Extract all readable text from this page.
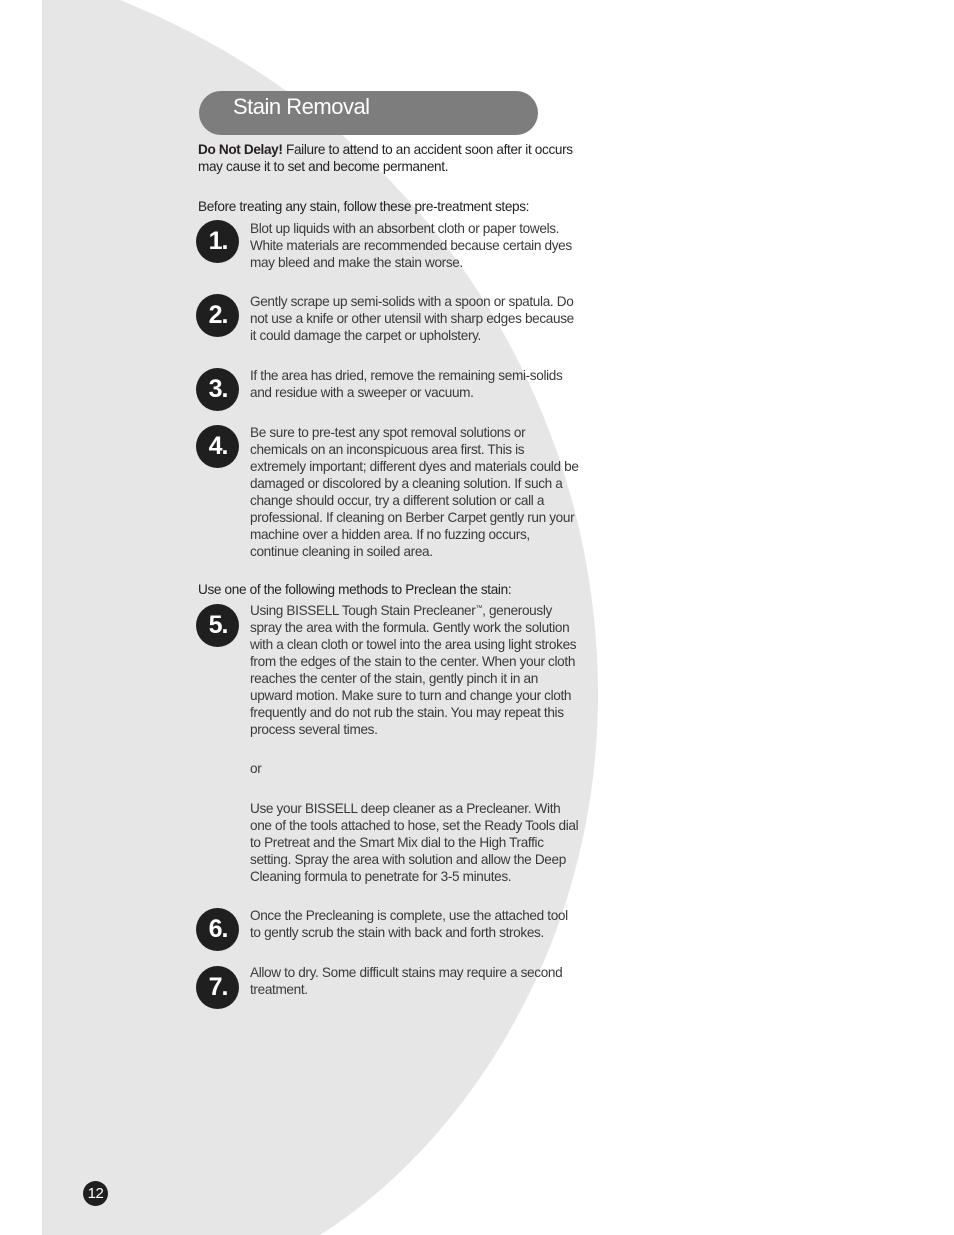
Stain Removal
Do Not Delay! Failure to attend to an accident soon after it occurs may cause it to set and become permanent.
Before treating any stain, follow these pre-treatment steps:
1.	Blot up liquids with an absorbent cloth or paper towels. White materials are recommended because certain dyes may bleed and make the stain worse.
2.	Gently scrape up semi-solids with a spoon or spatula. Do not use a knife or other utensil with sharp edges because it could damage the carpet or upholstery.
3.	If the area has dried, remove the remaining semi-solids and residue with a sweeper or vacuum.
4.	Be sure to pre-test any spot removal solutions or chemicals on an inconspicuous area first. This is extremely important; different dyes and materials could be damaged or discolored by a cleaning solution. If such a change should occur, try a different solution or call a professional. If cleaning on Berber Carpet gently run your machine over a hidden area. If no fuzzing occurs, continue cleaning in soiled area.
Use one of the following methods to Preclean the stain:
5.
Using BISSELL Tough Stain Precleaner™, generously spray the area with the formula. Gently work the solution with a clean cloth or towel into the area using light strokes from the edges of the stain to the center. When your cloth reaches the center of the stain, gently pinch it in an upward motion. Make sure to turn and change your cloth frequently and do not rub the stain. You may repeat this process several times.
or
Use your BISSELL deep cleaner as a Precleaner. With one of the tools attached to hose, set the Ready Tools dial to Pretreat and the Smart Mix dial to the High Traffic setting. Spray the area with solution and allow the Deep Cleaning formula to penetrate for 3-5 minutes.
6.	Once the Precleaning is complete, use the attached tool to gently scrub the stain with back and forth strokes.
7.
Allow to dry. Some difficult stains may require a second treatment.
12
